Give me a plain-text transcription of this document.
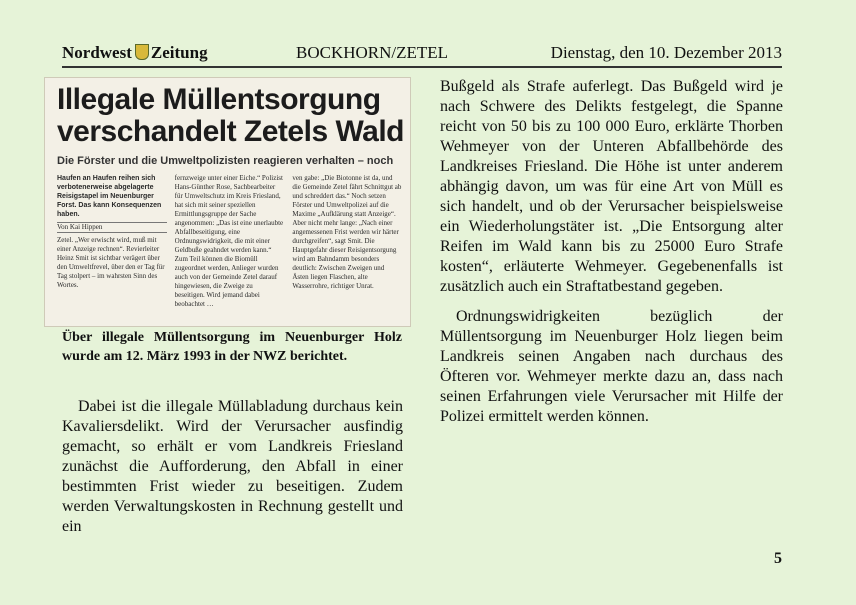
Nordwest Zeitung	BOCKHORN/ZETEL	Dienstag, den 10. Dezember 2013
Illegale Müllentsorgung
verschandelt Zetels Wald
Die Förster und die Umweltpolizisten reagieren verhalten – noch
Haufen an Haufen reihen sich verbotenerweise abgelagerte Reisigstapel im Neuenburger Forst. Das kann Konsequenzen haben.
Von Kai Hippen
Zetel. „Wer erwischt wird, muß mit einer Anzeige rechnen“. Revierleiter Heinz Smit ist sichtbar verägert über den Umweltfrevel, über den er Tag für Tag stolpert – im wahrsten Sinn des Wortes.
fernzweige unter einer Eiche.“ Polizist Hans-Günther Rose, Sachbearbeiter für Umweltschutz im Kreis Friesland, hat sich mit seiner speziellen Ermittlungsgruppe der Sache angenommen: „Das ist eine unerlaubte Abfallbeseitigung, eine Ordnungswidrigkeit, die mit einer Geldbuße geahndet werden kann.“ Zum Teil können die Biomüll zugeordnet werden, Anlieger wurden auch von der Gemeinde Zetel darauf hingewiesen, die Zweige zu beseitigen. Wird jemand dabei beobachtet …
ven gabe: „Die Biotonne ist da, und die Gemeinde Zetel fährt Schnittgut ab und schreddert das.“ Noch setzen Förster und Umweltpolizei auf die Maxime „Aufklärung statt Anzeige“. Aber nicht mehr lange: „Nach einer angemessenen Frist werden wir härter durchgreifen“, sagt Smit. Die Hauptgefahr dieser Reisigentsorgung wird am Bahndamm besonders deutlich: Zwischen Zweigen und Ästen liegen Flaschen, alte Wasserrohre, richtiger Unrat.
Über illegale Müllentsorgung im Neuenburger Holz wurde am 12. März 1993 in der NWZ berichtet.

Dabei ist die illegale Müllabladung durchaus kein Kavaliersdelikt. Wird der Verursacher ausfindig gemacht, so erhält er vom Landkreis Friesland zunächst die Aufforderung, den Abfall in einer bestimmten Frist wieder zu beseitigen. Zudem werden Verwaltungskosten in Rechnung gestellt und ein

Bußgeld als Strafe auferlegt. Das Bußgeld wird je nach Schwere des Delikts festgelegt, die Spanne reicht von 50 bis zu 100 000 Euro, erklärte Thorben Wehmeyer von der Unteren Abfallbehörde des Landkreises Friesland. Die Höhe ist unter anderem abhängig davon, um was für eine Art von Müll es sich handelt, und ob der Verursacher beispielsweise ein Wiederholungstäter ist. „Die Entsorgung alter Reifen im Wald kann bis zu 25000 Euro Strafe kosten“, erläuterte Wehmeyer. Gegebenenfalls ist zusätzlich auch ein Straftatbestand gegeben.

Ordnungswidrigkeiten bezüglich der Müllentsorgung im Neuenburger Holz liegen beim Landkreis seinen Angaben nach durchaus des Öfteren vor. Wehmeyer merkte dazu an, dass nach seinen Erfahrungen viele Verursacher mit Hilfe der Polizei ermittelt werden können.

5
